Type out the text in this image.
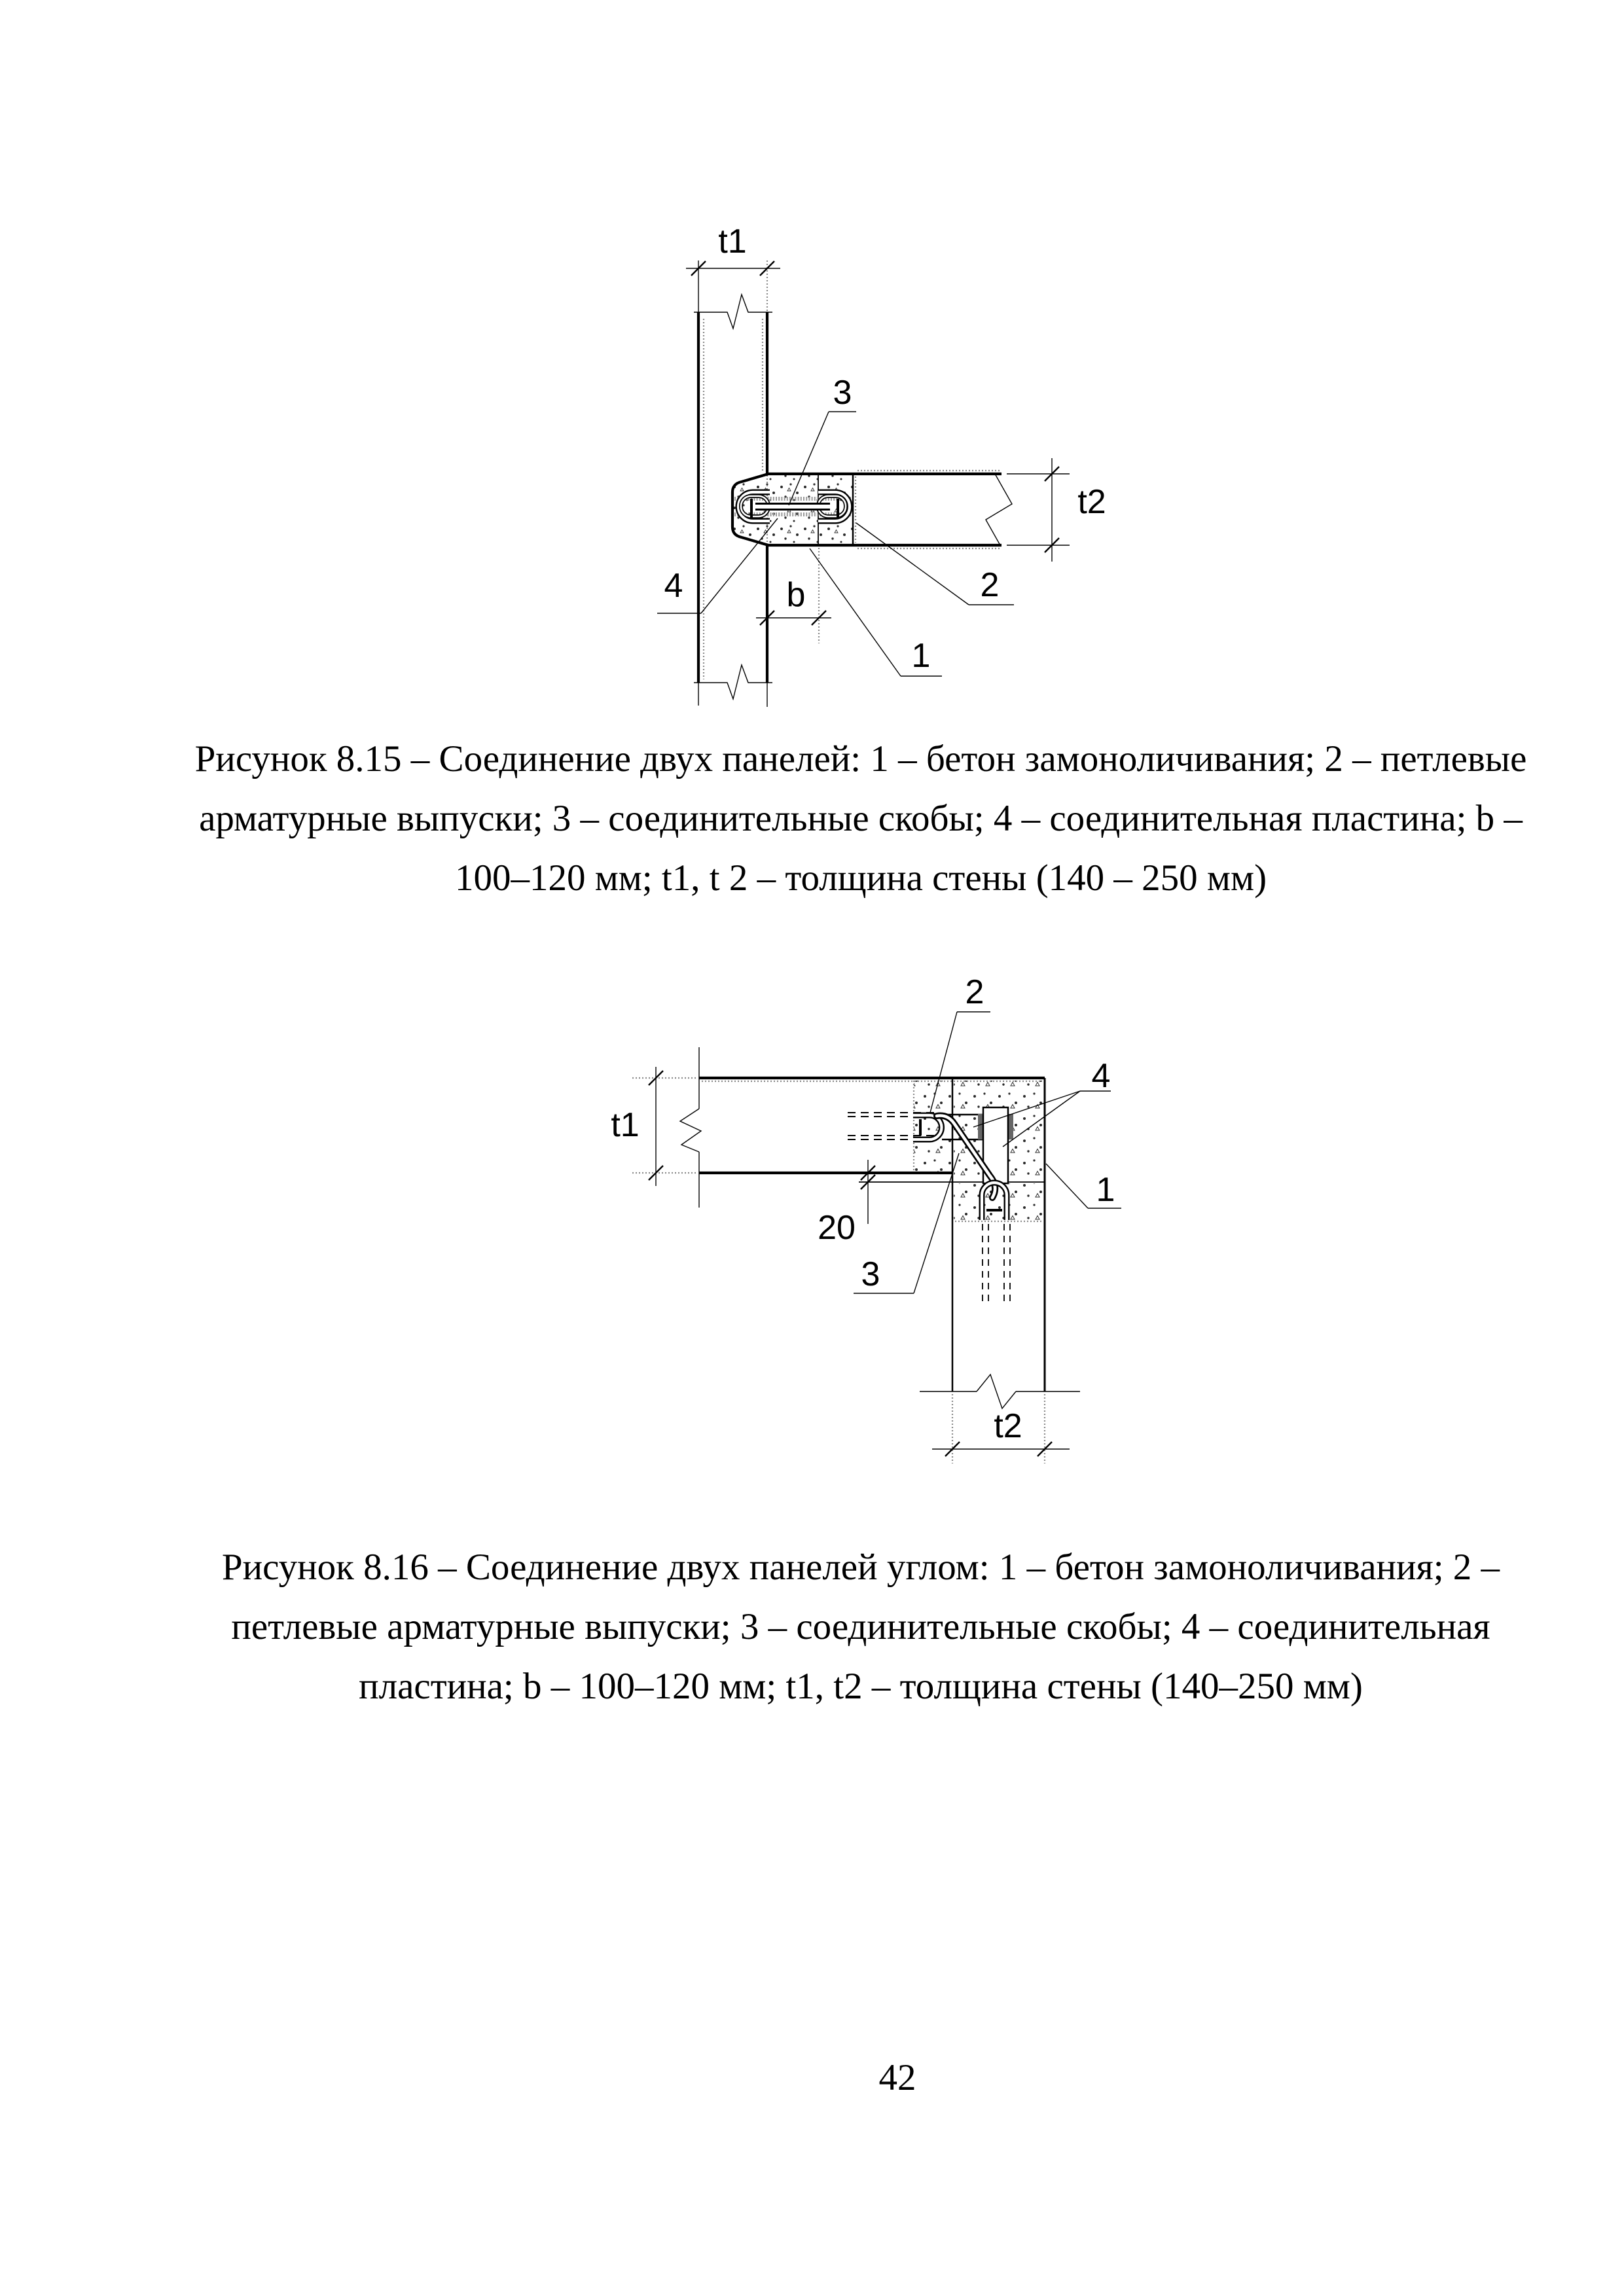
t1
t2
b
3
4	2
1
Рисунок 8.15 – Соединение двух панелей: 1 – бетон замоноличивания; 2 – петлевые
арматурные выпуски; 3 – соединительные скобы; 4 – соединительная пластина; b –
100–120 мм; t1, t 2 – толщина стены (140 – 250 мм)
t1
20
t2
2
4
1
3
Рисунок 8.16 – Соединение двух панелей углом: 1 – бетон замоноличивания; 2 –
петлевые арматурные выпуски; 3 – соединительные скобы; 4 – соединительная
пластина; b – 100–120 мм; t1, t2 – толщина стены (140–250 мм)
42
